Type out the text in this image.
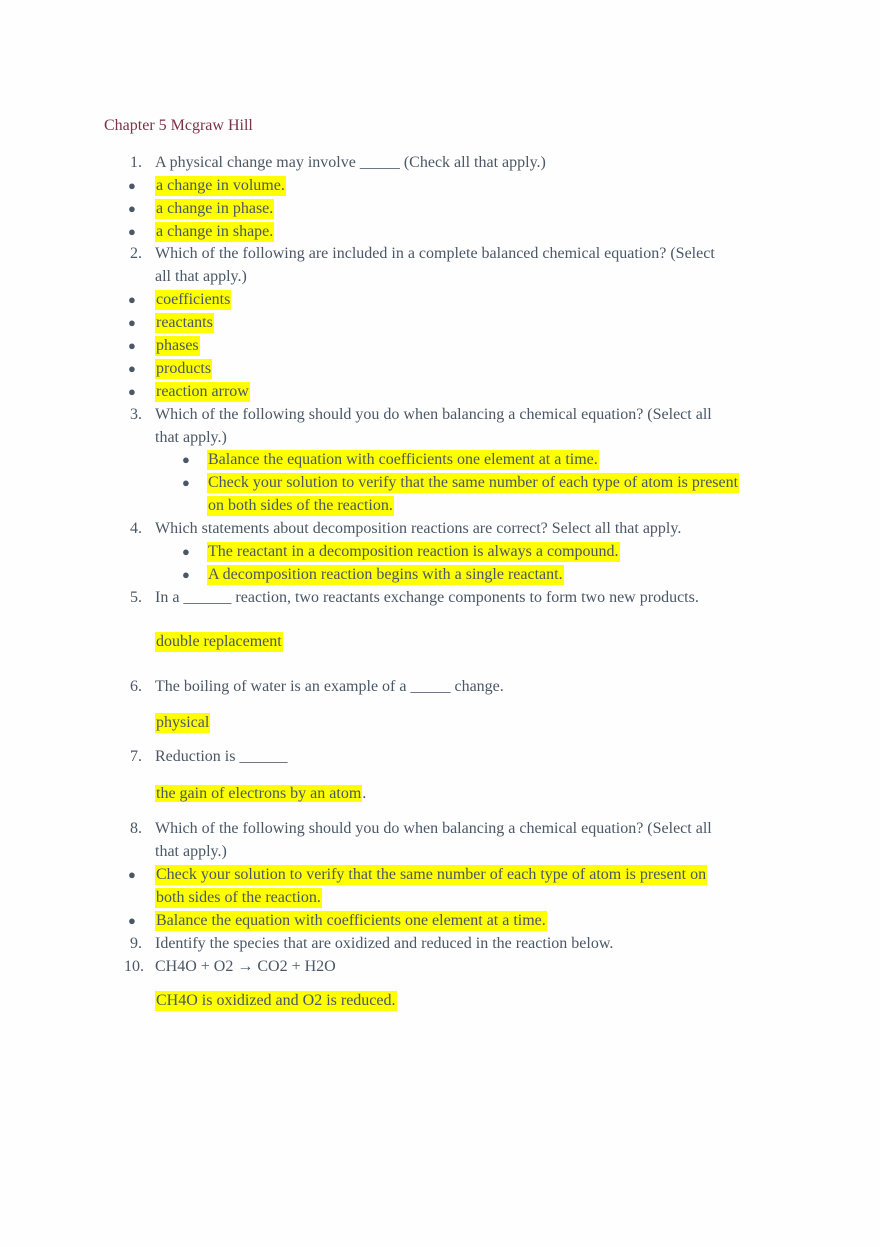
Chapter 5 Mcgraw Hill
1. A physical change may involve _____ (Check all that apply.)
● a change in volume.
● a change in phase.
● a change in shape.
2. Which of the following are included in a complete balanced chemical equation? (Select
all that apply.)
● coefficients
● reactants
● phases
● products
● reaction arrow
3. Which of the following should you do when balancing a chemical equation? (Select all
that apply.)
● Balance the equation with coefficients one element at a time.
● Check your solution to verify that the same number of each type of atom is present
on both sides of the reaction.
4. Which statements about decomposition reactions are correct? Select all that apply.
● The reactant in a decomposition reaction is always a compound.
● A decomposition reaction begins with a single reactant.
5. In a ______ reaction, two reactants exchange components to form two new products.
double replacement
6. The boiling of water is an example of a _____ change.
physical
7. Reduction is ______
the gain of electrons by an atom.
8. Which of the following should you do when balancing a chemical equation? (Select all
that apply.)
● Check your solution to verify that the same number of each type of atom is present on
both sides of the reaction.
● Balance the equation with coefficients one element at a time.
9. Identify the species that are oxidized and reduced in the reaction below.
10. CH4O + O2 → CO2 + H2O
CH4O is oxidized and O2 is reduced.
